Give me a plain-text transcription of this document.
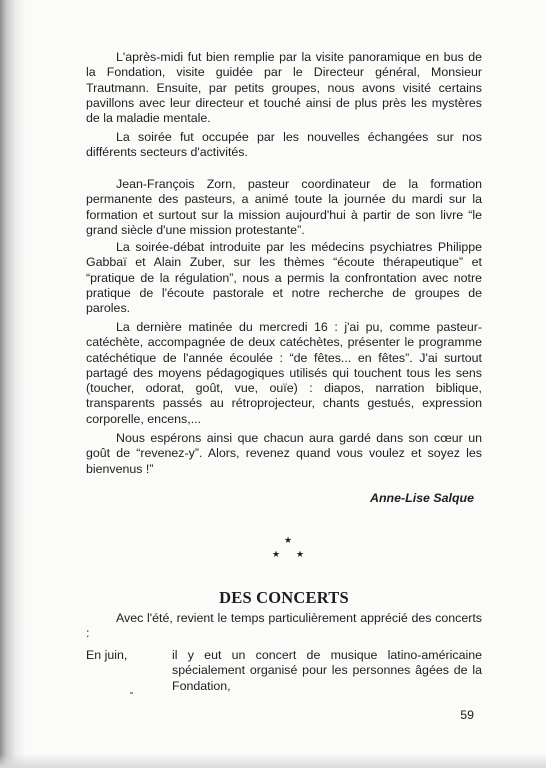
L'après-midi fut bien remplie par la visite panoramique en bus de la Fondation, visite guidée par le Directeur général, Monsieur Trautmann. Ensuite, par petits groupes, nous avons visité certains pavillons avec leur directeur et touché ainsi de plus près les mystères de la maladie mentale.

La soirée fut occupée par les nouvelles échangées sur nos différents secteurs d'activités.

Jean-François Zorn, pasteur coordinateur de la formation permanente des pasteurs, a animé toute la journée du mardi sur la formation et surtout sur la mission aujourd'hui à partir de son livre “le grand siècle d'une mission protestante”.

La soirée-débat introduite par les médecins psychiatres Philippe Gabbaï et Alain Zuber, sur les thèmes “écoute thérapeutique” et “pratique de la régulation”, nous a permis la confrontation avec notre pratique de l'écoute pastorale et notre recherche de groupes de paroles.

La dernière matinée du mercredi 16 : j'ai pu, comme pasteur-catéchète, accompagnée de deux catéchètes, présenter le programme catéchétique de l'année écoulée : “de fêtes... en fêtes”. J'ai surtout partagé des moyens pédagogiques utilisés qui touchent tous les sens (toucher, odorat, goût, vue, ouïe) : diapos, narration biblique, transparents passés au rétroprojecteur, chants gestués, expression corporelle, encens,...

Nous espérons ainsi que chacun aura gardé dans son cœur un goût de “revenez-y”. Alors, revenez quand vous voulez et soyez les bienvenus !”

Anne-Lise Salque

★
★ ★
DES CONCERTS

Avec l'été, revient le temps particulièrement apprécié des concerts :

En juin,	il y eut un concert de musique latino-américaine spécialement organisé pour les personnes âgées de la Fondation,

59
